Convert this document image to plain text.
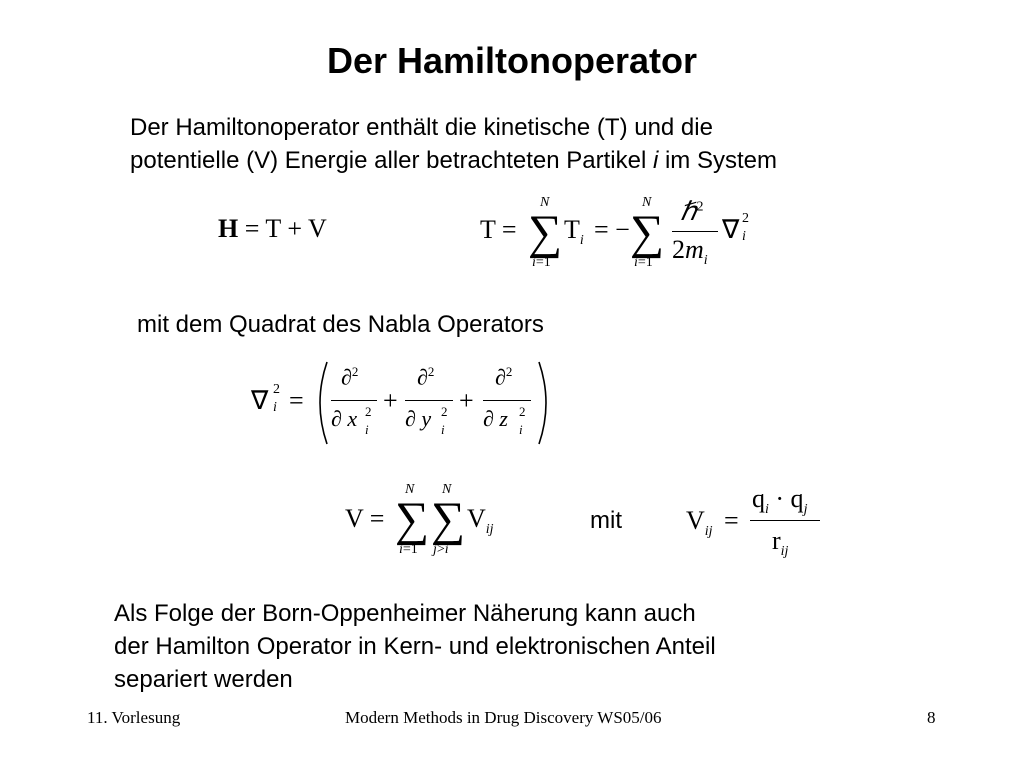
Der Hamiltonoperator
Der Hamiltonoperator enthält die kinetische (T) und die
potentielle (V) Energie aller betrachteten Partikel i im System
H = T + V	T =
N
∑
i=1
$T_i$ = −
N
∑
i=1
ℏ$^2$
$2m_i$
∇ 2
i
mit dem Quadrat des Nabla Operators
∇ 2
i =
∂$^2$
∂ x 2
i
+
∂$^2$
∂ y 2
i
+
∂$^2$
∂ z 2
i
V =
N
∑
i=1
N
∑
j>i
$V_{ij}$	mit $V_{ij}$ =
$q_i \cdot q_j$
$r_{ij}$
Als Folge der Born-Oppenheimer Näherung kann auch
der Hamilton Operator in Kern- und elektronischen Anteil
separiert werden
11. Vorlesung	Modern Methods in Drug Discovery WS05/06	8
